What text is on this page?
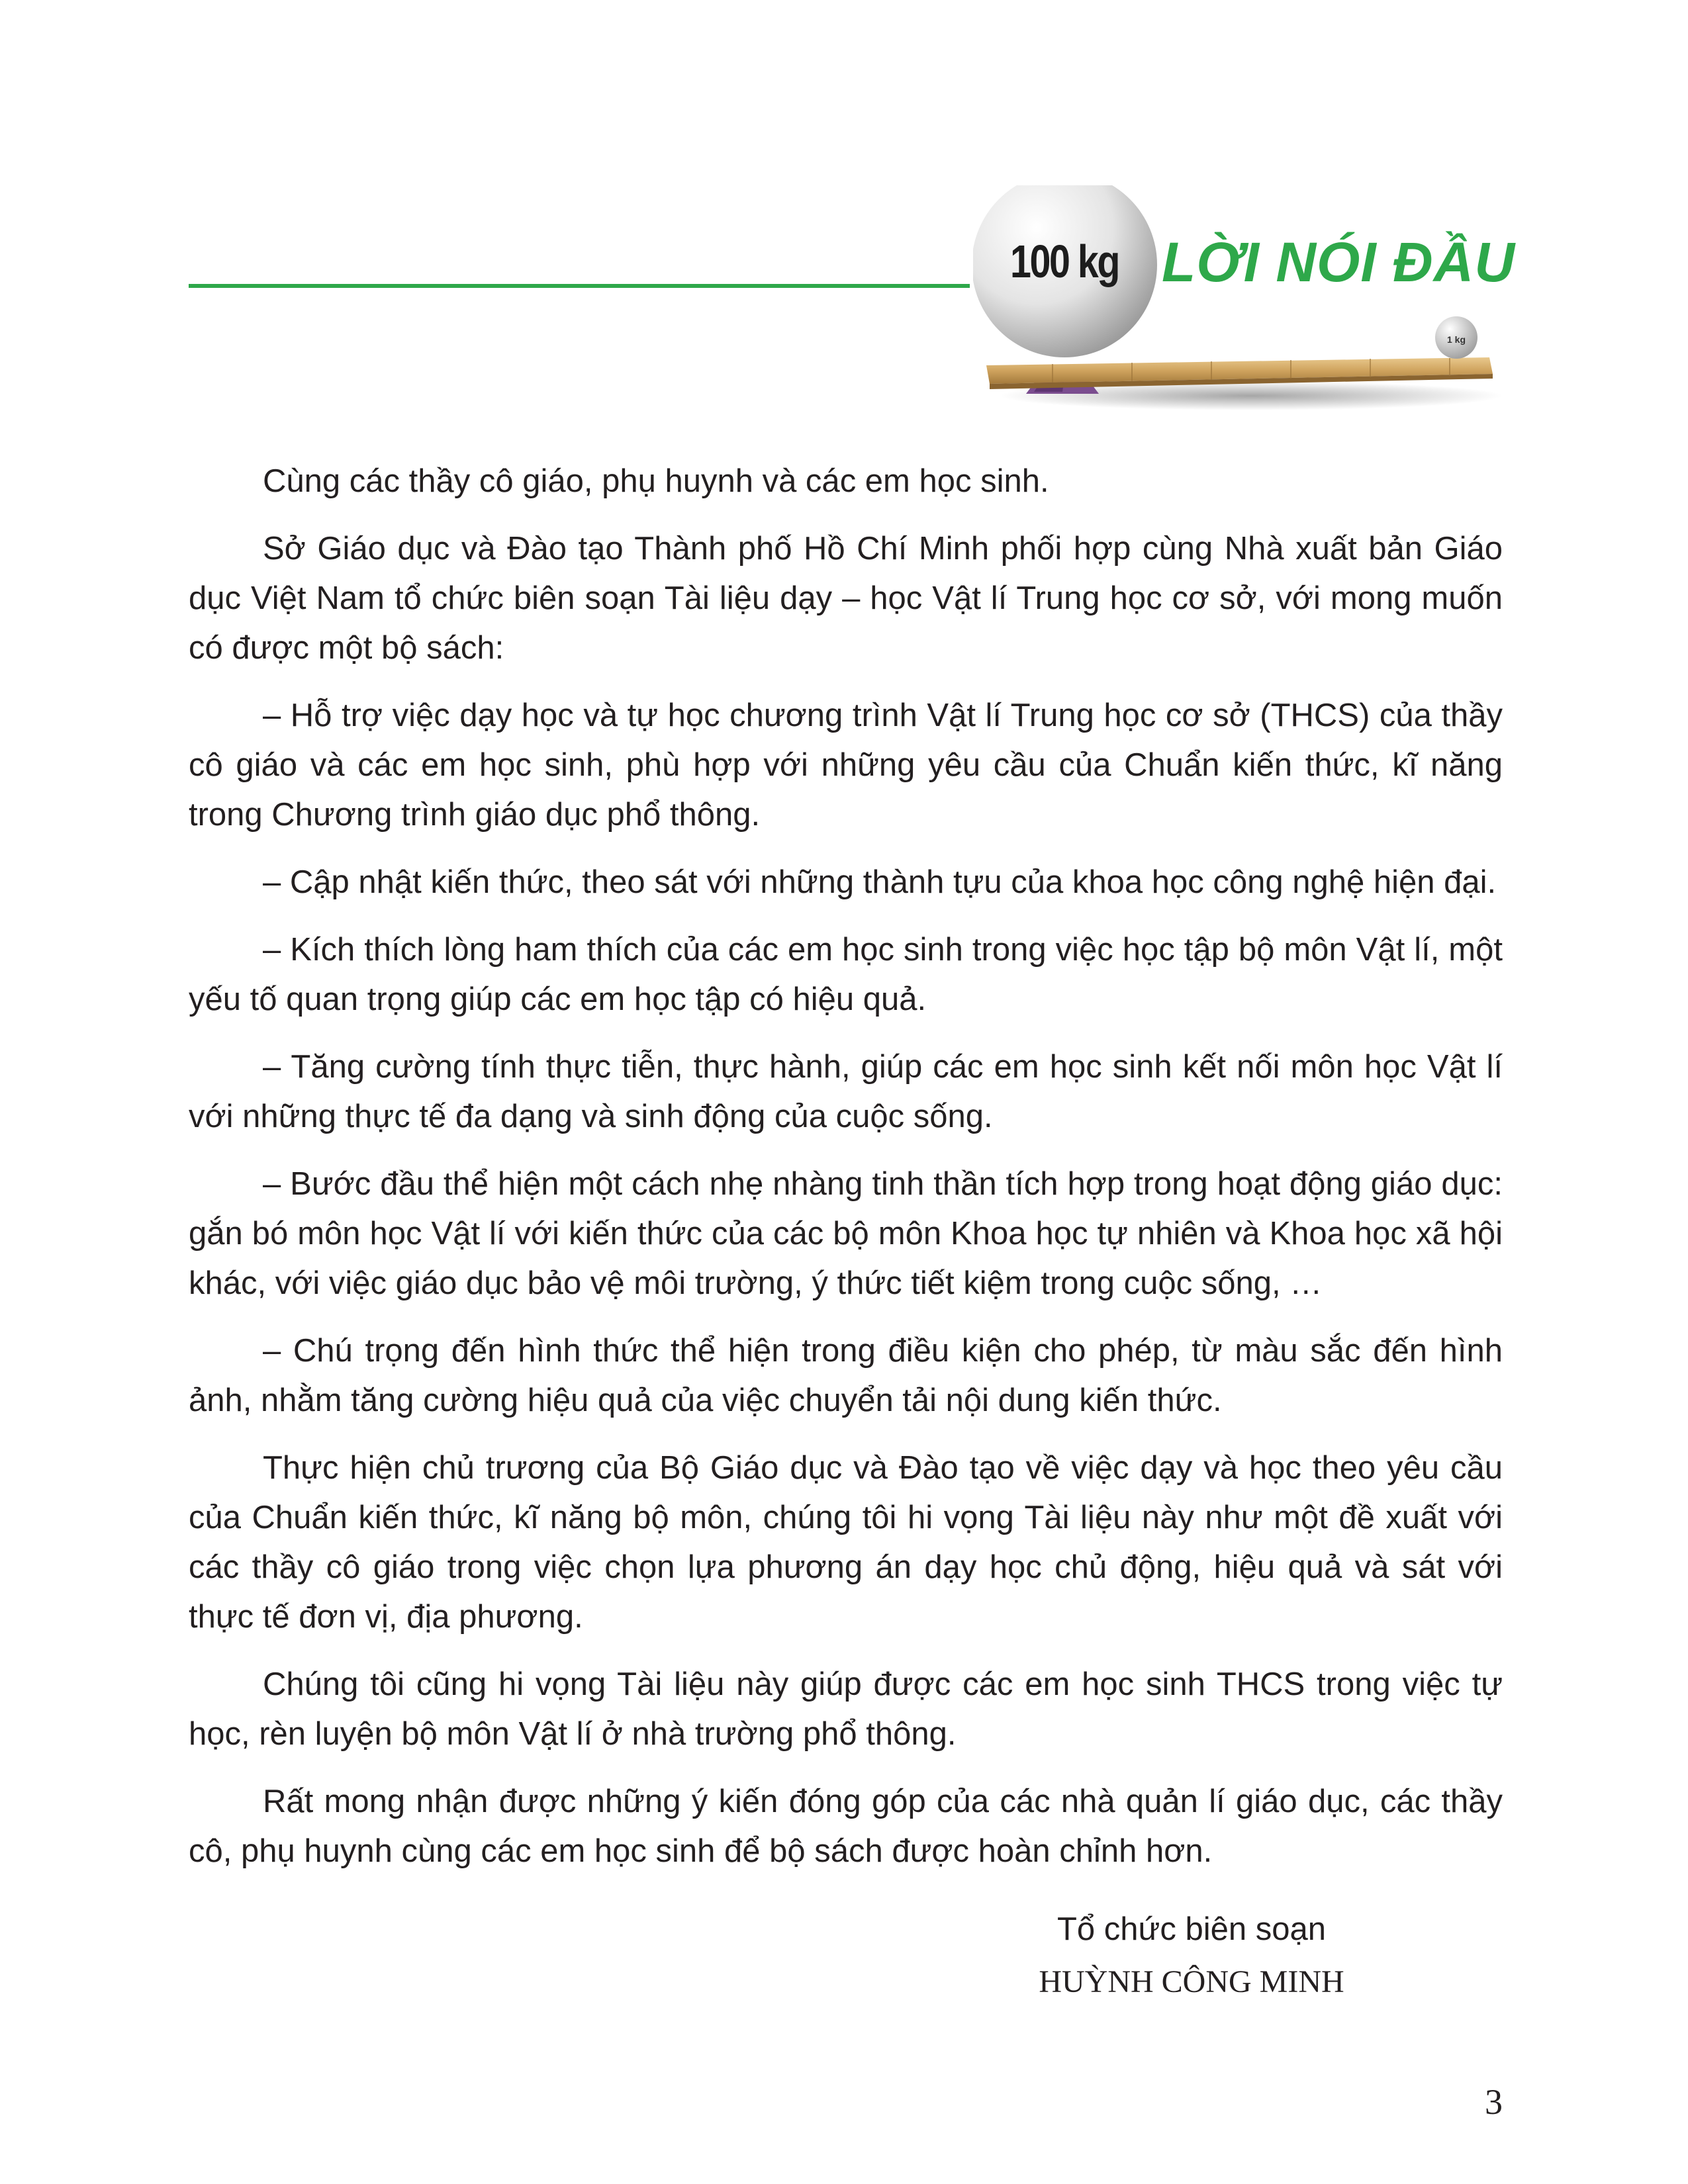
100 kg
1 kg
LỜI NÓI ĐẦU

Cùng các thầy cô giáo, phụ huynh và các em học sinh.

Sở Giáo dục và Đào tạo Thành phố Hồ Chí Minh phối hợp cùng Nhà xuất bản Giáo dục Việt Nam tổ chức biên soạn Tài liệu dạy – học Vật lí Trung học cơ sở, với mong muốn có được một bộ sách:

– Hỗ trợ việc dạy học và tự học chương trình Vật lí Trung học cơ sở (THCS) của thầy cô giáo và các em học sinh, phù hợp với những yêu cầu của Chuẩn kiến thức, kĩ năng trong Chương trình giáo dục phổ thông.

– Cập nhật kiến thức, theo sát với những thành tựu của khoa học công nghệ hiện đại.

– Kích thích lòng ham thích của các em học sinh trong việc học tập bộ môn Vật lí, một yếu tố quan trọng giúp các em học tập có hiệu quả.

– Tăng cường tính thực tiễn, thực hành, giúp các em học sinh kết nối môn học Vật lí với những thực tế đa dạng và sinh động của cuộc sống.

– Bước đầu thể hiện một cách nhẹ nhàng tinh thần tích hợp trong hoạt động giáo dục: gắn bó môn học Vật lí với kiến thức của các bộ môn Khoa học tự nhiên và Khoa học xã hội khác, với việc giáo dục bảo vệ môi trường, ý thức tiết kiệm trong cuộc sống, …

– Chú trọng đến hình thức thể hiện trong điều kiện cho phép, từ màu sắc đến hình ảnh, nhằm tăng cường hiệu quả của việc chuyển tải nội dung kiến thức.

Thực hiện chủ trương của Bộ Giáo dục và Đào tạo về việc dạy và học theo yêu cầu của Chuẩn kiến thức, kĩ năng bộ môn, chúng tôi hi vọng Tài liệu này như một đề xuất với các thầy cô giáo trong việc chọn lựa phương án dạy học chủ động, hiệu quả và sát với thực tế đơn vị, địa phương.

Chúng tôi cũng hi vọng Tài liệu này giúp được các em học sinh THCS trong việc tự học, rèn luyện bộ môn Vật lí ở nhà trường phổ thông.

Rất mong nhận được những ý kiến đóng góp của các nhà quản lí giáo dục, các thầy cô, phụ huynh cùng các em học sinh để bộ sách được hoàn chỉnh hơn.

Tổ chức biên soạn
HUỲNH CÔNG MINH
3
